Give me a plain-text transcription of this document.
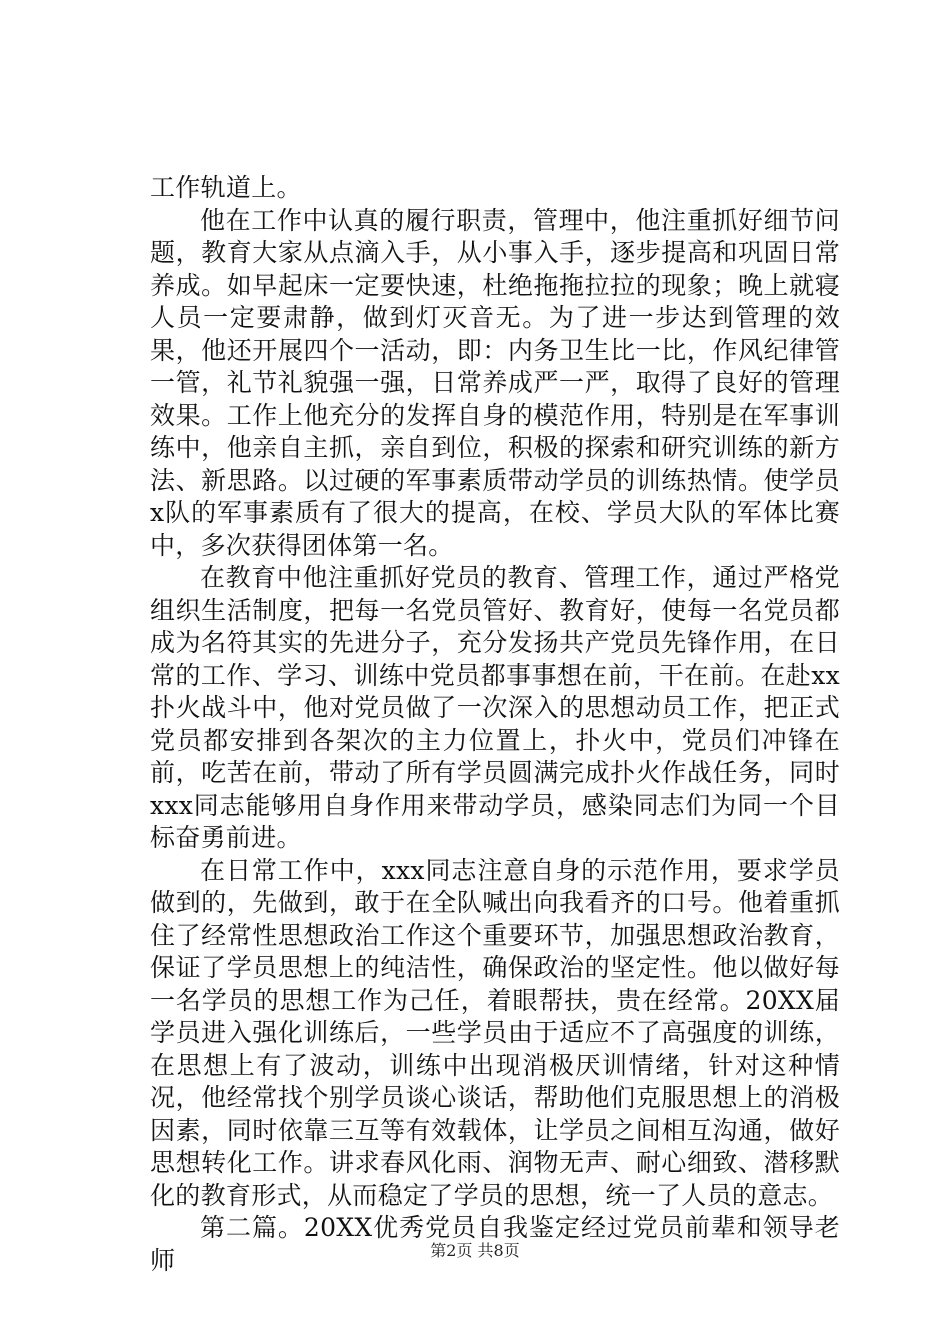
工作轨道上。

他在工作中认真的履行职责，管理中，他注重抓好细节问题，教育大家从点滴入手，从小事入手，逐步提高和巩固日常养成。如早起床一定要快速，杜绝拖拖拉拉的现象；晚上就寝人员一定要肃静，做到灯灭音无。为了进一步达到管理的效果，他还开展四个一活动，即：内务卫生比一比，作风纪律管一管，礼节礼貌强一强，日常养成严一严，取得了良好的管理效果。工作上他充分的发挥自身的模范作用，特别是在军事训练中，他亲自主抓，亲自到位，积极的探索和研究训练的新方法、新思路。以过硬的军事素质带动学员的训练热情。使学员x队的军事素质有了很大的提高，在校、学员大队的军体比赛中，多次获得团体第一名。

在教育中他注重抓好党员的教育、管理工作，通过严格党组织生活制度，把每一名党员管好、教育好，使每一名党员都成为名符其实的先进分子，充分发扬共产党员先锋作用，在日常的工作、学习、训练中党员都事事想在前，干在前。在赴xx扑火战斗中，他对党员做了一次深入的思想动员工作，把正式党员都安排到各架次的主力位置上，扑火中，党员们冲锋在前，吃苦在前，带动了所有学员圆满完成扑火作战任务，同时xxx同志能够用自身作用来带动学员，感染同志们为同一个目标奋勇前进。

在日常工作中，xxx同志注意自身的示范作用，要求学员做到的，先做到，敢于在全队喊出向我看齐的口号。他着重抓住了经常性思想政治工作这个重要环节，加强思想政治教育，保证了学员思想上的纯洁性，确保政治的坚定性。他以做好每一名学员的思想工作为己任，着眼帮扶，贵在经常。20XX届学员进入强化训练后，一些学员由于适应不了高强度的训练，在思想上有了波动，训练中出现消极厌训情绪，针对这种情况，他经常找个别学员谈心谈话，帮助他们克服思想上的消极因素，同时依靠三互等有效载体，让学员之间相互沟通，做好思想转化工作。讲求春风化雨、润物无声、耐心细致、潜移默化的教育形式，从而稳定了学员的思想，统一了人员的意志。

第二篇。20XX优秀党员自我鉴定经过党员前辈和领导老师	第2页 共8页
